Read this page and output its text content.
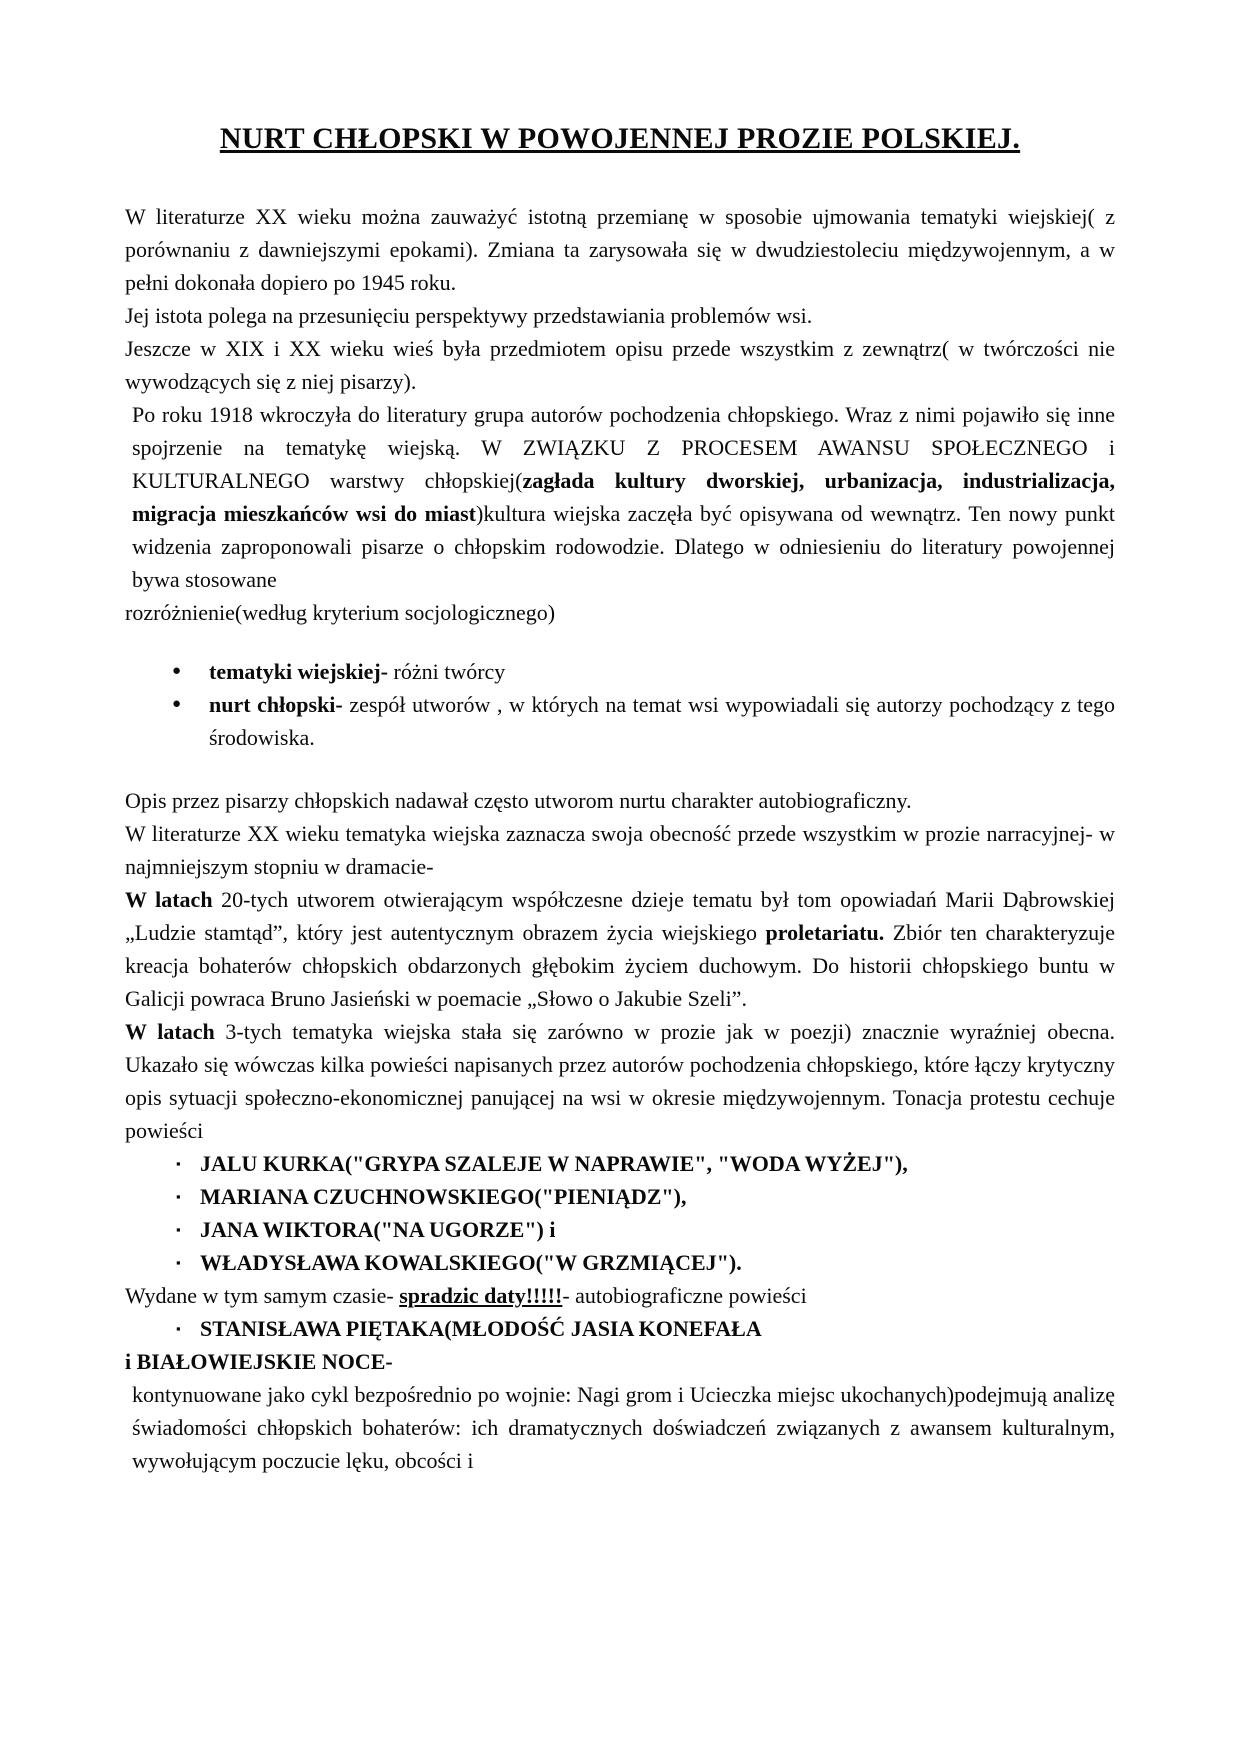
NURT CHŁOPSKI W POWOJENNEJ PROZIE POLSKIEJ.

W literaturze XX wieku można zauważyć istotną przemianę w sposobie ujmowania tematyki wiejskiej( z porównaniu z dawniejszymi epokami). Zmiana ta zarysowała się w dwudziestoleciu międzywojennym, a w pełni dokonała dopiero po 1945 roku.

Jej istota polega na przesunięciu perspektywy przedstawiania problemów wsi.

Jeszcze w XIX i XX wieku wieś była przedmiotem opisu przede wszystkim z zewnątrz( w twórczości nie wywodzących się z niej pisarzy).

Po roku 1918 wkroczyła do literatury grupa autorów pochodzenia chłopskiego. Wraz z nimi pojawiło się inne spojrzenie na tematykę wiejską. W ZWIĄZKU Z PROCESEM AWANSU SPOŁECZNEGO i KULTURALNEGO warstwy chłopskiej(zagłada kultury dworskiej, urbanizacja, industrializacja, migracja mieszkańców wsi do miast)kultura wiejska zaczęła być opisywana od wewnątrz. Ten nowy punkt widzenia zaproponowali pisarze o chłopskim rodowodzie. Dlatego w odniesieniu do literatury powojennej bywa stosowane

rozróżnienie(według kryterium socjologicznego)

● tematyki wiejskiej- różni twórcy
● nurt chłopski- zespół utworów , w których na temat wsi wypowiadali się autorzy pochodzący z tego środowiska.

Opis przez pisarzy chłopskich nadawał często utworom nurtu charakter autobiograficzny.

W literaturze XX wieku tematyka wiejska zaznacza swoja obecność przede wszystkim w prozie narracyjnej- w najmniejszym stopniu w dramacie-

W latach 20-tych utworem otwierającym współczesne dzieje tematu był tom opowiadań Marii Dąbrowskiej „Ludzie stamtąd”, który jest autentycznym obrazem życia wiejskiego proletariatu. Zbiór ten charakteryzuje kreacja bohaterów chłopskich obdarzonych głębokim życiem duchowym. Do historii chłopskiego buntu w Galicji powraca Bruno Jasieński w poemacie „Słowo o Jakubie Szeli”.

W latach 3-tych tematyka wiejska stała się zarówno w prozie jak w poezji) znacznie wyraźniej obecna. Ukazało się wówczas kilka powieści napisanych przez autorów pochodzenia chłopskiego, które łączy krytyczny opis sytuacji społeczno-ekonomicznej panującej na wsi w okresie międzywojennym. Tonacja protestu cechuje powieści

▪ JALU KURKA("GRYPA SZALEJE W NAPRAWIE", "WODA WYŻEJ"),
▪ MARIANA CZUCHNOWSKIEGO("PIENIĄDZ"),
▪ JANA WIKTORA("NA UGORZE") i
▪ WŁADYSŁAWA KOWALSKIEGO("W GRZMIĄCEJ").

Wydane w tym samym czasie- spradzic daty!!!!!- autobiograficzne powieści

▪ STANISŁAWA PIĘTAKA(MŁODOŚĆ JASIA KONEFAŁA

i BIAŁOWIEJSKIE NOCE-

kontynuowane jako cykl bezpośrednio po wojnie: Nagi grom i Ucieczka miejsc ukochanych)podejmują analizę świadomości chłopskich bohaterów: ich dramatycznych doświadczeń związanych z awansem kulturalnym, wywołującym poczucie lęku, obcości i
